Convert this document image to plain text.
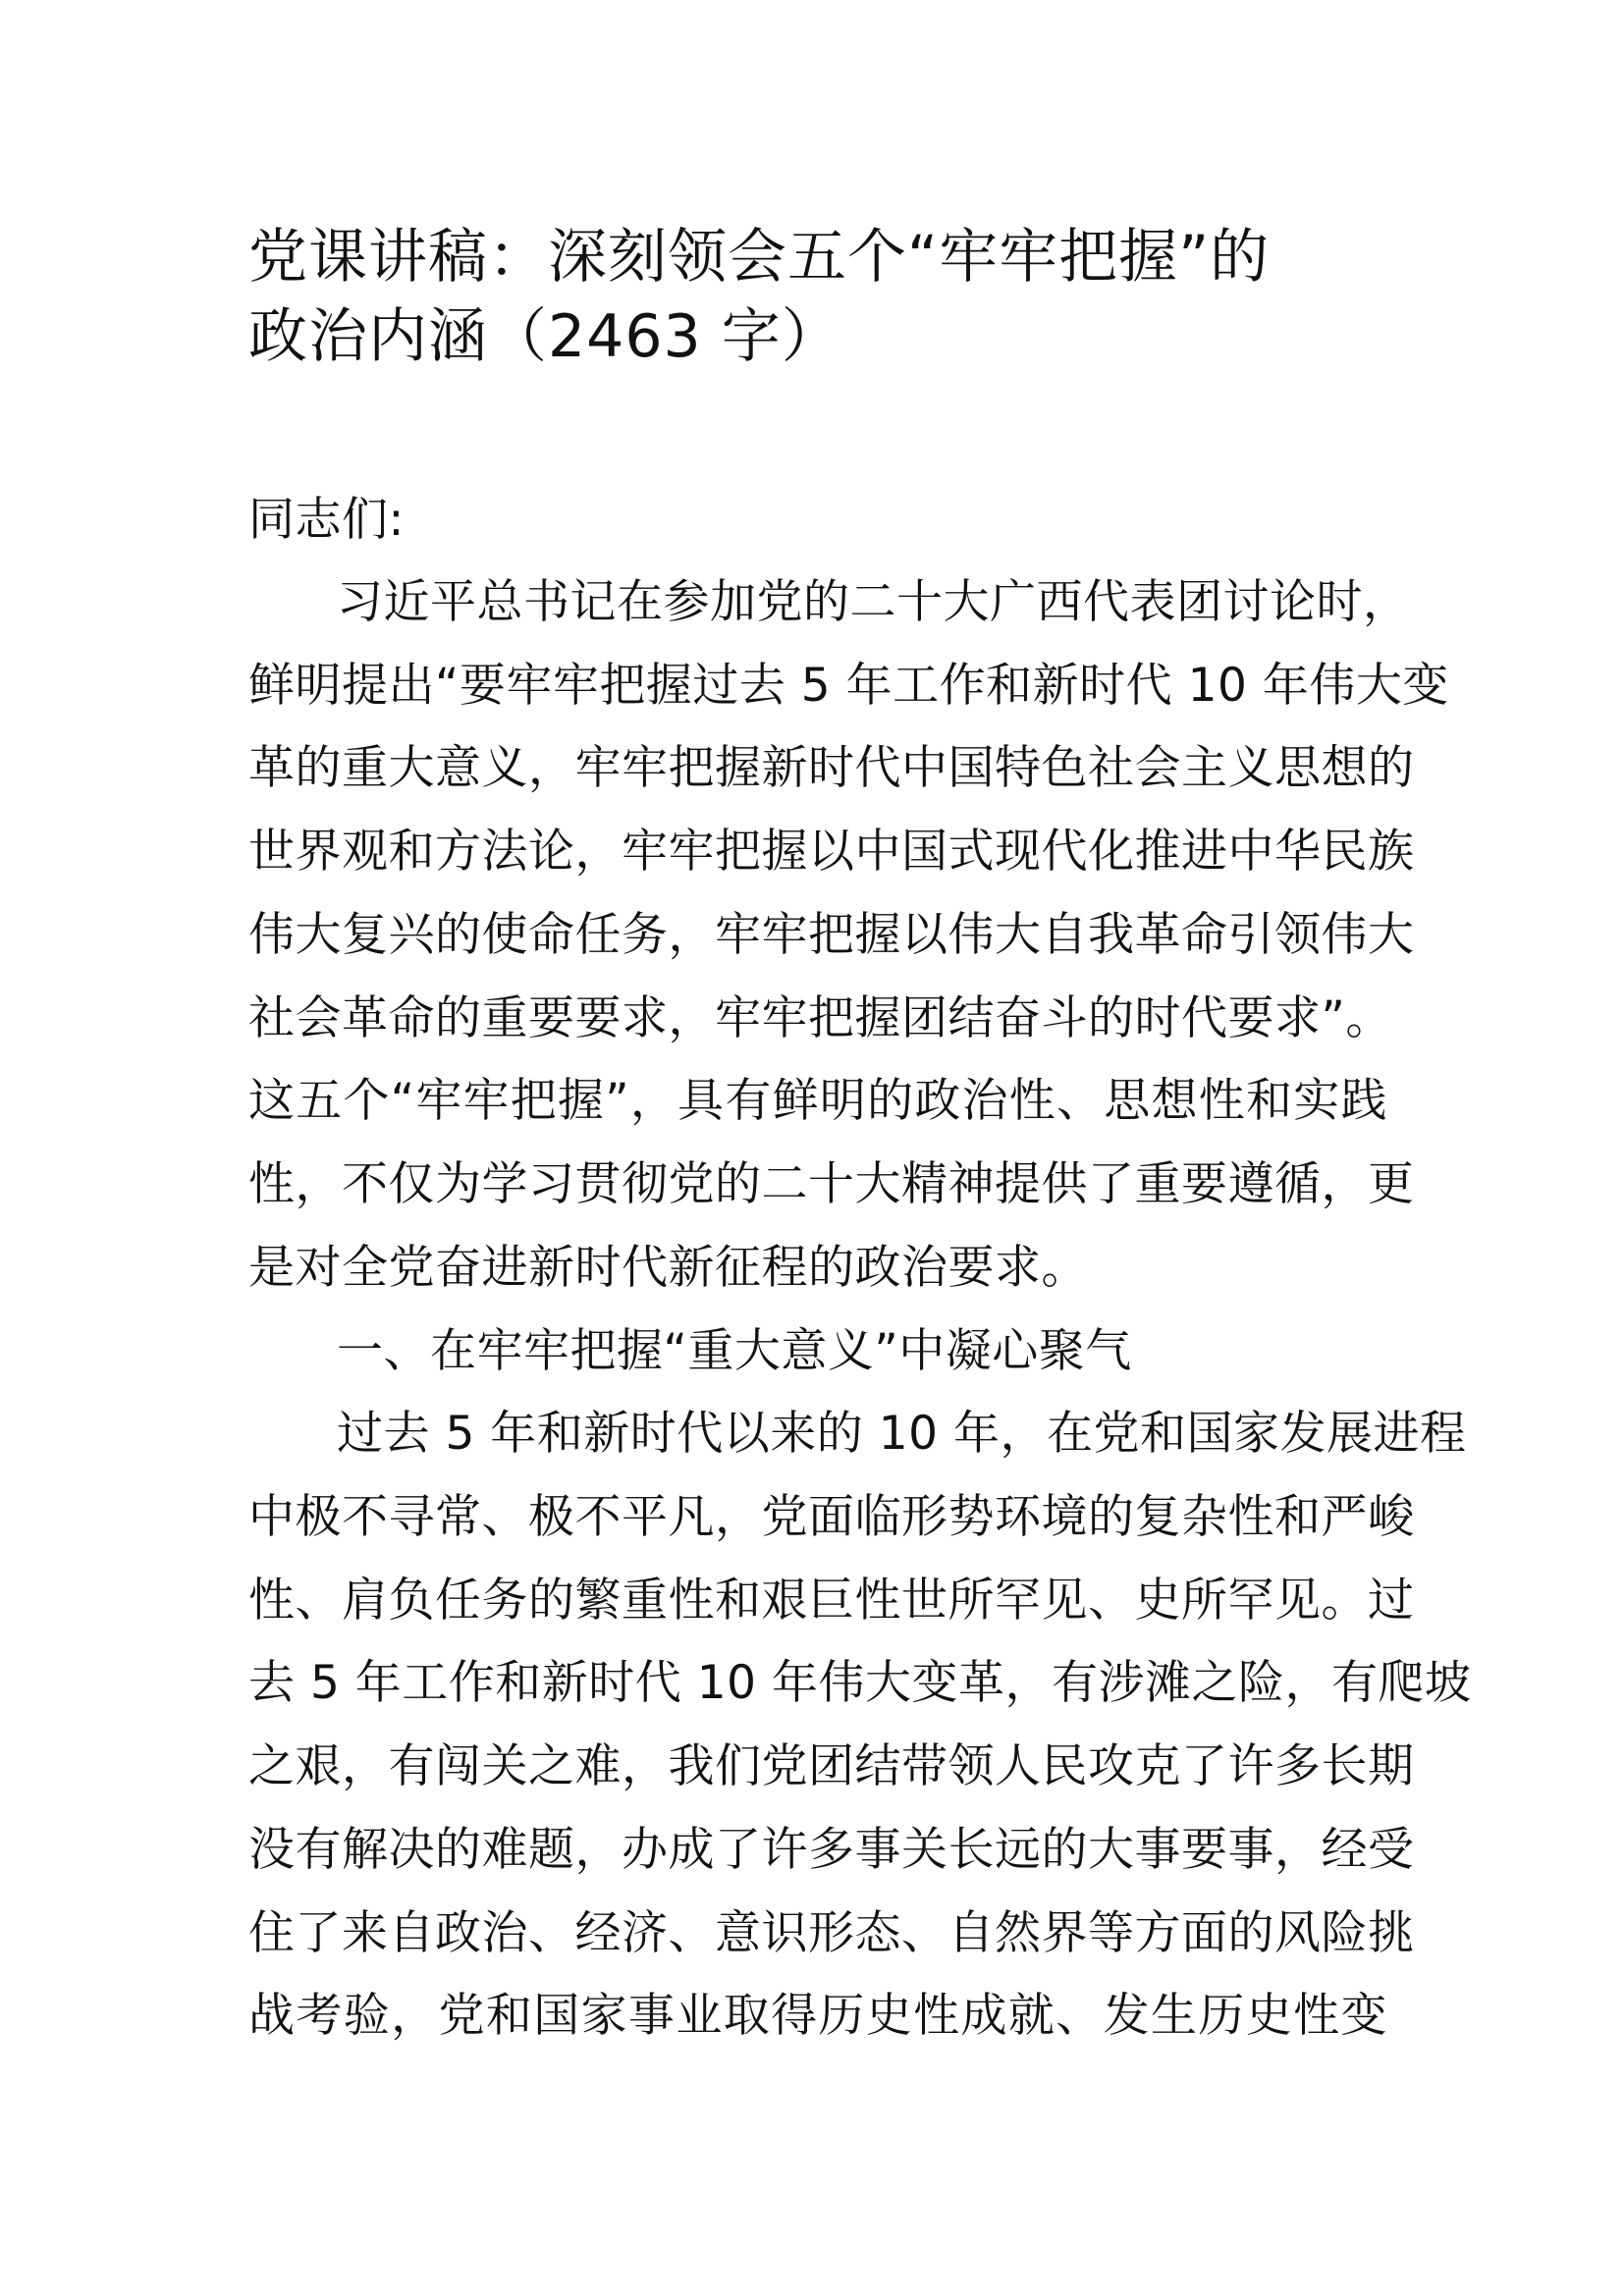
党课讲稿：深刻领会五个“牢牢把握”的
政治内涵（2463 字）
同志们:
习近平总书记在参加党的二十大广西代表团讨论时，
鲜明提出“要牢牢把握过去 5 年工作和新时代 10 年伟大变
革的重大意义，牢牢把握新时代中国特色社会主义思想的
世界观和方法论，牢牢把握以中国式现代化推进中华民族
伟大复兴的使命任务，牢牢把握以伟大自我革命引领伟大
社会革命的重要要求，牢牢把握团结奋斗的时代要求”。
这五个“牢牢把握”，具有鲜明的政治性、思想性和实践
性，不仅为学习贯彻党的二十大精神提供了重要遵循，更
是对全党奋进新时代新征程的政治要求。
一、在牢牢把握“重大意义”中凝心聚气
过去 5 年和新时代以来的 10 年，在党和国家发展进程
中极不寻常、极不平凡，党面临形势环境的复杂性和严峻
性、肩负任务的繁重性和艰巨性世所罕见、史所罕见。过
去 5 年工作和新时代 10 年伟大变革，有涉滩之险，有爬坡
之艰，有闯关之难，我们党团结带领人民攻克了许多长期
没有解决的难题，办成了许多事关长远的大事要事，经受
住了来自政治、经济、意识形态、自然界等方面的风险挑
战考验，党和国家事业取得历史性成就、发生历史性变
